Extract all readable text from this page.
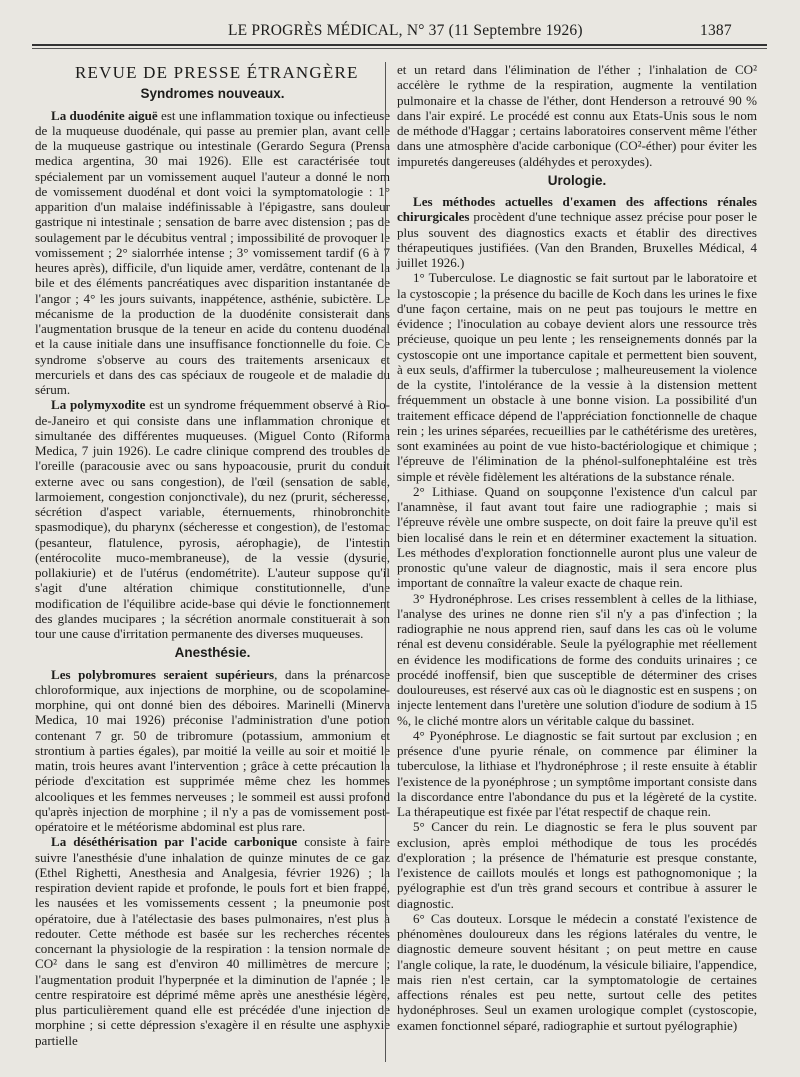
LE PROGRÈS MÉDICAL, N° 37 (11 Septembre 1926)	1387
REVUE DE PRESSE ÉTRANGÈRE
Syndromes nouveaux.

La duodénite aiguë est une inflammation toxique ou infectieuse de la muqueuse duodénale, qui passe au premier plan, avant celle de la muqueuse gastrique ou intestinale (Gerardo Segura (Prensa medica argentina, 30 mai 1926). Elle est caractérisée tout spécialement par un vomissement auquel l'auteur a donné le nom de vomissement duodénal et dont voici la symptomatologie : 1° apparition d'un malaise indéfinissable à l'épigastre, sans douleur gastrique ni intestinale ; sensation de barre avec distension ; pas de soulagement par le décubitus ventral ; impossibilité de provoquer le vomissement ; 2° sialorrhée intense ; 3° vomissement tardif (6 à 7 heures après), difficile, d'un liquide amer, verdâtre, contenant de la bile et des éléments pancréatiques avec disparition instantanée de l'angor ; 4° les jours suivants, inappétence, asthénie, subictère. Le mécanisme de la production de la duodénite consisterait dans l'augmentation brusque de la teneur en acide du contenu duodénal et la cause initiale dans une insuffisance fonctionnelle du foie. Ce syndrome s'observe au cours des traitements arsenicaux et mercuriels et dans des cas spéciaux de rougeole et de maladie du sérum.

La polymyxodite est un syndrome fréquemment observé à Rio-de-Janeiro et qui consiste dans une inflammation chronique et simultanée des différentes muqueuses. (Miguel Conto (Riforma Medica, 7 juin 1926). Le cadre clinique comprend des troubles de l'oreille (paracousie avec ou sans hypoacousie, prurit du conduit externe avec ou sans congestion), de l'œil (sensation de sable, larmoiement, congestion conjonctivale), du nez (prurit, sécheresse, sécrétion d'aspect variable, éternuements, rhinobronchite spasmodique), du pharynx (sécheresse et congestion), de l'estomac (pesanteur, flatulence, pyrosis, aérophagie), de l'intestin (entérocolite muco-membraneuse), de la vessie (dysurie, pollakiurie) et de l'utérus (endométrite). L'auteur suppose qu'il s'agit d'une altération chimique constitutionnelle, d'une modification de l'équilibre acide-base qui dévie le fonctionnement des glandes mucipares ; la sécrétion anormale constituerait à son tour une cause d'irritation permanente des diverses muqueuses.

Anesthésie.

Les polybromures seraient supérieurs, dans la prénarcose chloroformique, aux injections de morphine, ou de scopolamine-morphine, qui ont donné bien des déboires. Marinelli (Minerva Medica, 10 mai 1926) préconise l'administration d'une potion contenant 7 gr. 50 de tribromure (potassium, ammonium et strontium à parties égales), par moitié la veille au soir et moitié le matin, trois heures avant l'intervention ; grâce à cette précaution la période d'excitation est supprimée même chez les hommes alcooliques et les femmes nerveuses ; le sommeil est aussi profond qu'après injection de morphine ; il n'y a pas de vomissement post-opératoire et le météorisme abdominal est plus rare.

La déséthérisation par l'acide carbonique consiste à faire suivre l'anesthésie d'une inhalation de quinze minutes de ce gaz (Ethel Righetti, Anesthesia and Analgesia, février 1926) ; la respiration devient rapide et profonde, le pouls fort et bien frappé, les nausées et les vomissements cessent ; la pneumonie post opératoire, due à l'atélectasie des bases pulmonaires, n'est plus à redouter. Cette méthode est basée sur les recherches récentes concernant la physiologie de la respiration : la tension normale de CO² dans le sang est d'environ 40 millimètres de mercure ; l'augmentation produit l'hyperpnée et la diminution de l'apnée ; le centre respiratoire est déprimé même après une anesthésie légère, plus particulièrement quand elle est précédée d'une injection de morphine ; si cette dépression s'exagère il en résulte une asphyxie partielle

et un retard dans l'élimination de l'éther ; l'inhalation de CO² accélère le rythme de la respiration, augmente la ventilation pulmonaire et la chasse de l'éther, dont Henderson a retrouvé 90 % dans l'air expiré. Le procédé est connu aux Etats-Unis sous le nom de méthode d'Haggar ; certains laboratoires conservent même l'éther dans une atmosphère d'acide carbonique (CO²-éther) pour éviter les impuretés dangereuses (aldéhydes et peroxydes).

Urologie.

Les méthodes actuelles d'examen des affections rénales chirurgicales procèdent d'une technique assez précise pour poser le plus souvent des diagnostics exacts et établir des directives thérapeutiques justifiées. (Van den Branden, Bruxelles Médical, 4 juillet 1926.)

1° Tuberculose. Le diagnostic se fait surtout par le laboratoire et la cystoscopie ; la présence du bacille de Koch dans les urines le fixe d'une façon certaine, mais on ne peut pas toujours le mettre en évidence ; l'inoculation au cobaye devient alors une ressource très précieuse, quoique un peu lente ; les renseignements donnés par la cystoscopie ont une importance capitale et permettent bien souvent, à eux seuls, d'affirmer la tuberculose ; malheureusement la violence de la cystite, l'intolérance de la vessie à la distension mettent fréquemment un obstacle à une bonne vision. La possibilité d'un traitement efficace dépend de l'appréciation fonctionnelle de chaque rein ; les urines séparées, recueillies par le cathétérisme des uretères, sont examinées au point de vue histo-bactériologique et chimique ; l'épreuve de l'élimination de la phénol-sulfonephtaléine est très simple et révèle fidèlement les altérations de la substance rénale.

2° Lithiase. Quand on soupçonne l'existence d'un calcul par l'anamnèse, il faut avant tout faire une radiographie ; mais si l'épreuve révèle une ombre suspecte, on doit faire la preuve qu'il est bien localisé dans le rein et en déterminer exactement la situation. Les méthodes d'exploration fonctionnelle auront plus une valeur de pronostic qu'une valeur de diagnostic, mais il sera encore plus important de connaître la valeur exacte de chaque rein.

3° Hydronéphrose. Les crises ressemblent à celles de la lithiase, l'analyse des urines ne donne rien s'il n'y a pas d'infection ; la radiographie ne nous apprend rien, sauf dans les cas où le volume rénal est devenu considérable. Seule la pyélographie met réellement en évidence les modifications de forme des conduits urinaires ; ce procédé inoffensif, bien que susceptible de déterminer des crises douloureuses, est réservé aux cas où le diagnostic est en suspens ; on injecte lentement dans l'uretère une solution d'iodure de sodium à 15 %, le cliché montre alors un véritable calque du bassinet.

4° Pyonéphrose. Le diagnostic se fait surtout par exclusion ; en présence d'une pyurie rénale, on commence par éliminer la tuberculose, la lithiase et l'hydronéphrose ; il reste ensuite à établir l'existence de la pyonéphrose ; un symptôme important consiste dans la discordance entre l'abondance du pus et la légèreté de la cystite. La thérapeutique est fixée par l'état respectif de chaque rein.

5° Cancer du rein. Le diagnostic se fera le plus souvent par exclusion, après emploi méthodique de tous les procédés d'exploration ; la présence de l'hématurie est presque constante, l'existence de caillots moulés et longs est pathognomonique ; la pyélographie est d'un très grand secours et contribue à assurer le diagnostic.

6° Cas douteux. Lorsque le médecin a constaté l'existence de phénomènes douloureux dans les régions latérales du ventre, le diagnostic demeure souvent hésitant ; on peut mettre en cause l'angle colique, la rate, le duodénum, la vésicule biliaire, l'appendice, mais rien n'est certain, car la symptomatologie de certaines affections rénales est peu nette, surtout celle des petites hydonéphroses. Seul un examen urologique complet (cystoscopie, examen fonctionnel séparé, radiographie et surtout pyélographie)
